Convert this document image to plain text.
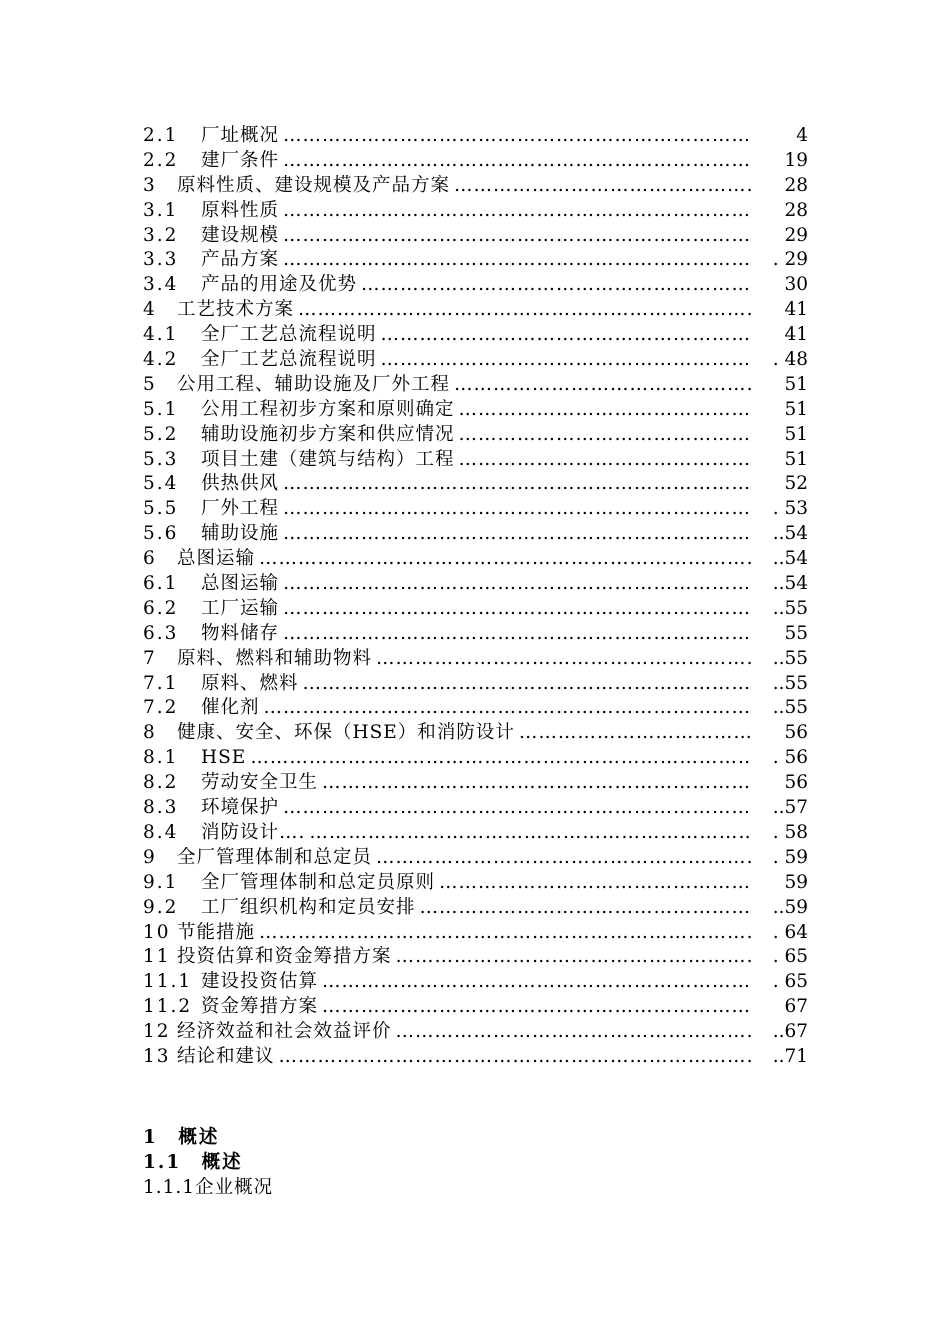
2.1	厂址概况 …………………………………………………………………………………………………………………………	4
2.2	建厂条件 …………………………………………………………………………………………………………………………	19
3	原料性质、建设规模及产品方案 …………………………………………………………………………………………………………………………	28
3.1	原料性质 …………………………………………………………………………………………………………………………	28
3.2	建设规模 …………………………………………………………………………………………………………………………	29
3.3	产品方案 …………………………………………………………………………………………………………………………	. 29
3.4	产品的用途及优势 …………………………………………………………………………………………………………………………	30
4	工艺技术方案 …………………………………………………………………………………………………………………………	41
4.1	全厂工艺总流程说明 …………………………………………………………………………………………………………………………	41
4.2	全厂工艺总流程说明 …………………………………………………………………………………………………………………………	. 48
5	公用工程、辅助设施及厂外工程 …………………………………………………………………………………………………………………………	51
5.1	公用工程初步方案和原则确定 …………………………………………………………………………………………………………………………	51
5.2	辅助设施初步方案和供应情况 …………………………………………………………………………………………………………………………	51
5.3	项目土建（建筑与结构）工程 …………………………………………………………………………………………………………………………	51
5.4	供热供风 …………………………………………………………………………………………………………………………	52
5.5	厂外工程 …………………………………………………………………………………………………………………………	. 53
5.6	辅助设施 …………………………………………………………………………………………………………………………	..54
6	总图运输 …………………………………………………………………………………………………………………………	..54
6.1	总图运输 …………………………………………………………………………………………………………………………	..54
6.2	工厂运输 …………………………………………………………………………………………………………………………	..55
6.3	物料储存 …………………………………………………………………………………………………………………………	55
7	原料、燃料和辅助物料 …………………………………………………………………………………………………………………………	..55
7.1	原料、燃料 …………………………………………………………………………………………………………………………	..55
7.2	催化剂 …………………………………………………………………………………………………………………………	..55
8	健康、安全、环保（HSE）和消防设计 …………………………………………………………………………………………………………………………	56
8.1	HSE …………………………………………………………………………………………………………………………	. 56
8.2	劳动安全卫生 …………………………………………………………………………………………………………………………	56
8.3	环境保护 …………………………………………………………………………………………………………………………	..57
8.4	消防设计…. …………………………………………………………………………………………………………………………	. 58
9	全厂管理体制和总定员 …………………………………………………………………………………………………………………………	. 59
9.1	全厂管理体制和总定员原则 …………………………………………………………………………………………………………………………	59
9.2	工厂组织机构和定员安排 …………………………………………………………………………………………………………………………	..59
10 节能措施 …………………………………………………………………………………………………………………………	. 64
11 投资估算和资金筹措方案 …………………………………………………………………………………………………………………………	. 65
11.1 建设投资估算 …………………………………………………………………………………………………………………………	. 65
11.2 资金筹措方案 …………………………………………………………………………………………………………………………	67
12 经济效益和社会效益评价 …………………………………………………………………………………………………………………………	..67
13 结论和建议 …………………………………………………………………………………………………………………………	..71
1　概述
1.1　概述
1.1.1企业概况
